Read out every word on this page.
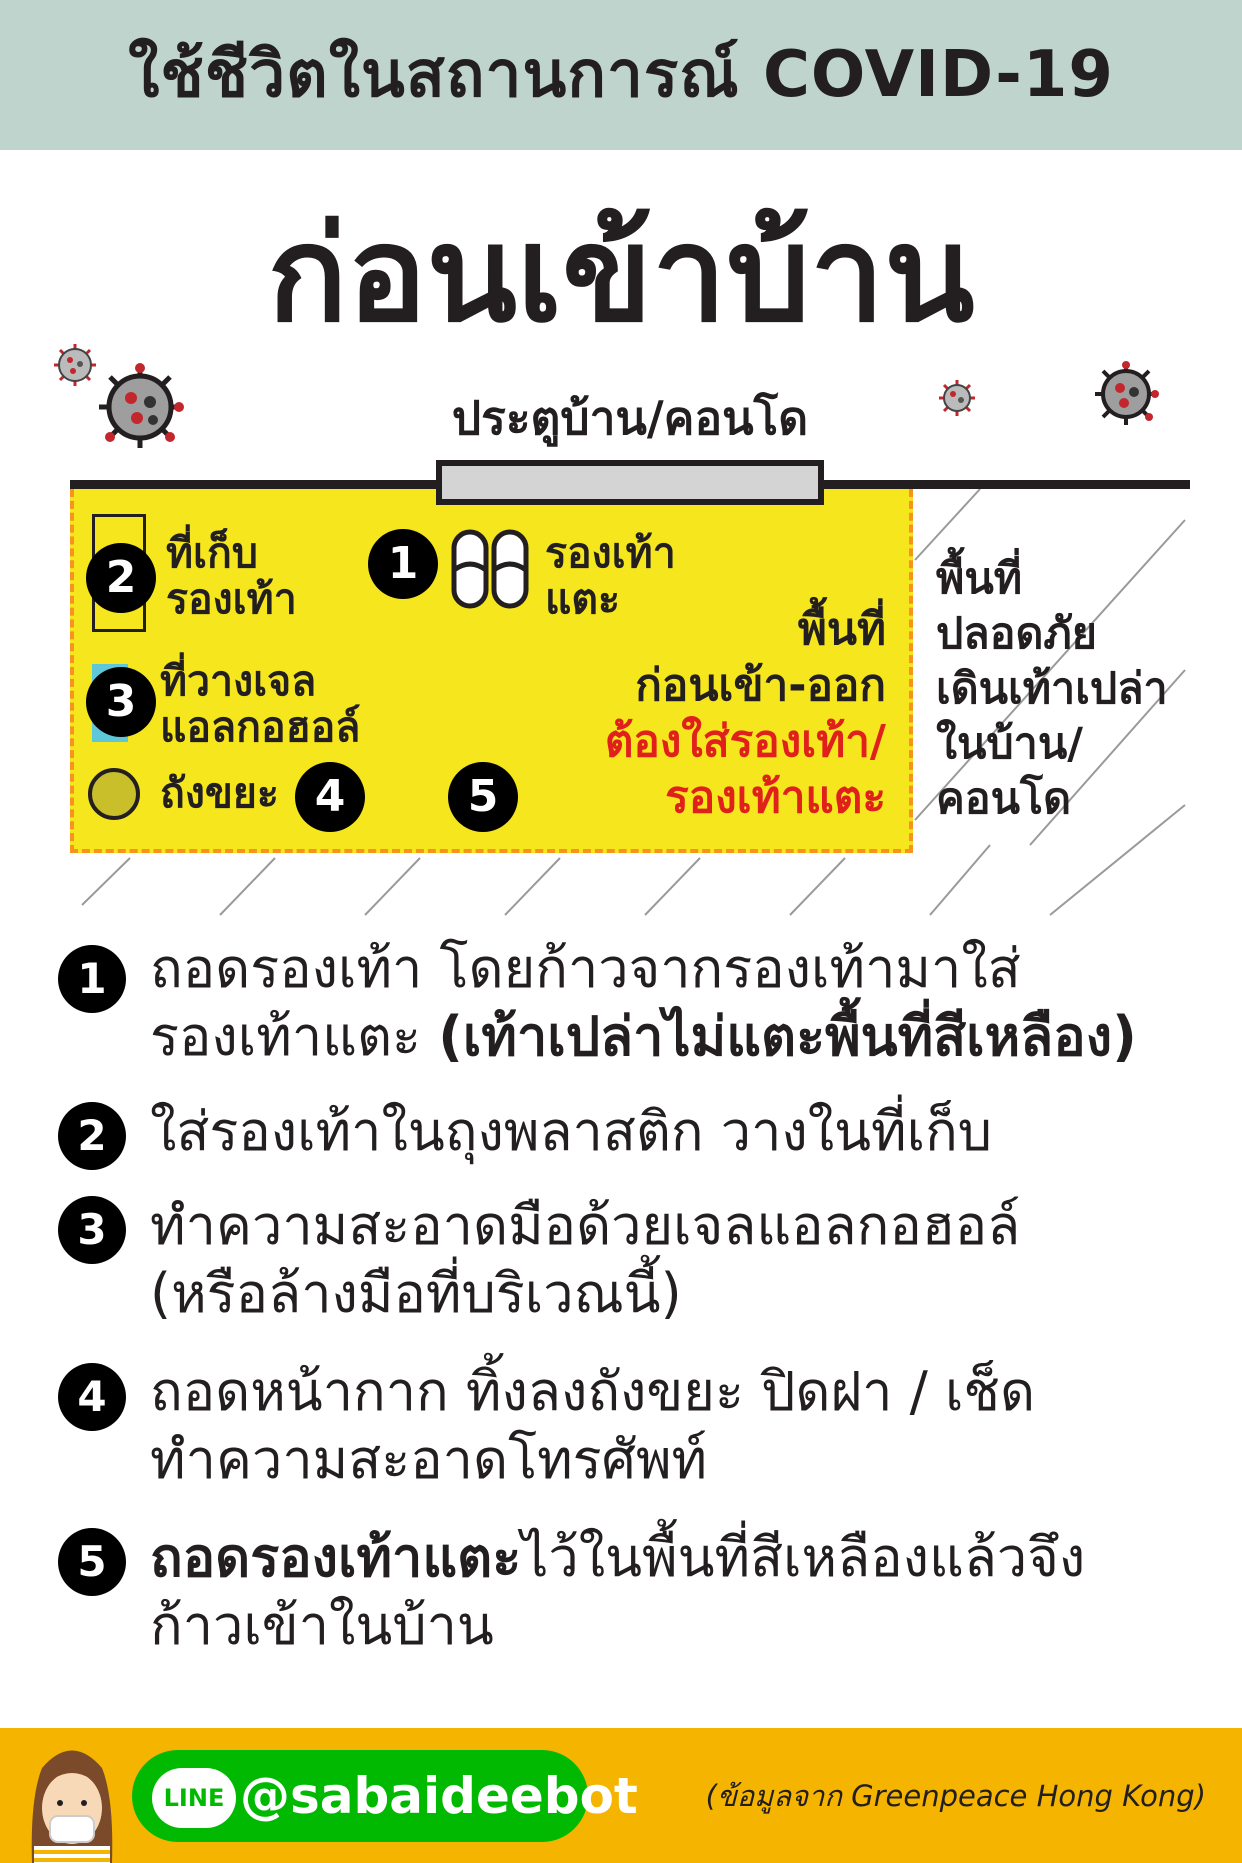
ใช้ชีวิตในสถานการณ์ COVID-19
ก่อนเข้าบ้าน
ประตูบ้าน/คอนโด
2 ที่เก็บ
รองเท้า
1	รองเท้า
แตะ
3 ที่วางเจล
แอลกอฮอล์
ถังขยะ 4	5
พื้นที่
ก่อนเข้า-ออก
ต้องใส่รองเท้า/
รองเท้าแตะ
พื้นที่
ปลอดภัย
เดินเท้าเปล่า
ในบ้าน/
คอนโด
1 ถอดรองเท้า โดยก้าวจากรองเท้ามาใส่
รองเท้าแตะ (เท้าเปล่าไม่แตะพื้นที่สีเหลือง)
2 ใส่รองเท้าในถุงพลาสติก วางในที่เก็บ
3 ทำความสะอาดมือด้วยเจลแอลกอฮอล์
(หรือล้างมือที่บริเวณนี้)
4 ถอดหน้ากาก ทิ้งลงถังขยะ ปิดฝา / เช็ด
ทำความสะอาดโทรศัพท์
5 ถอดรองเท้าแตะไว้ในพื้นที่สีเหลืองแล้วจึง
ก้าวเข้าในบ้าน
LINE @sabaideebot (ข้อมูลจาก Greenpeace Hong Kong)
